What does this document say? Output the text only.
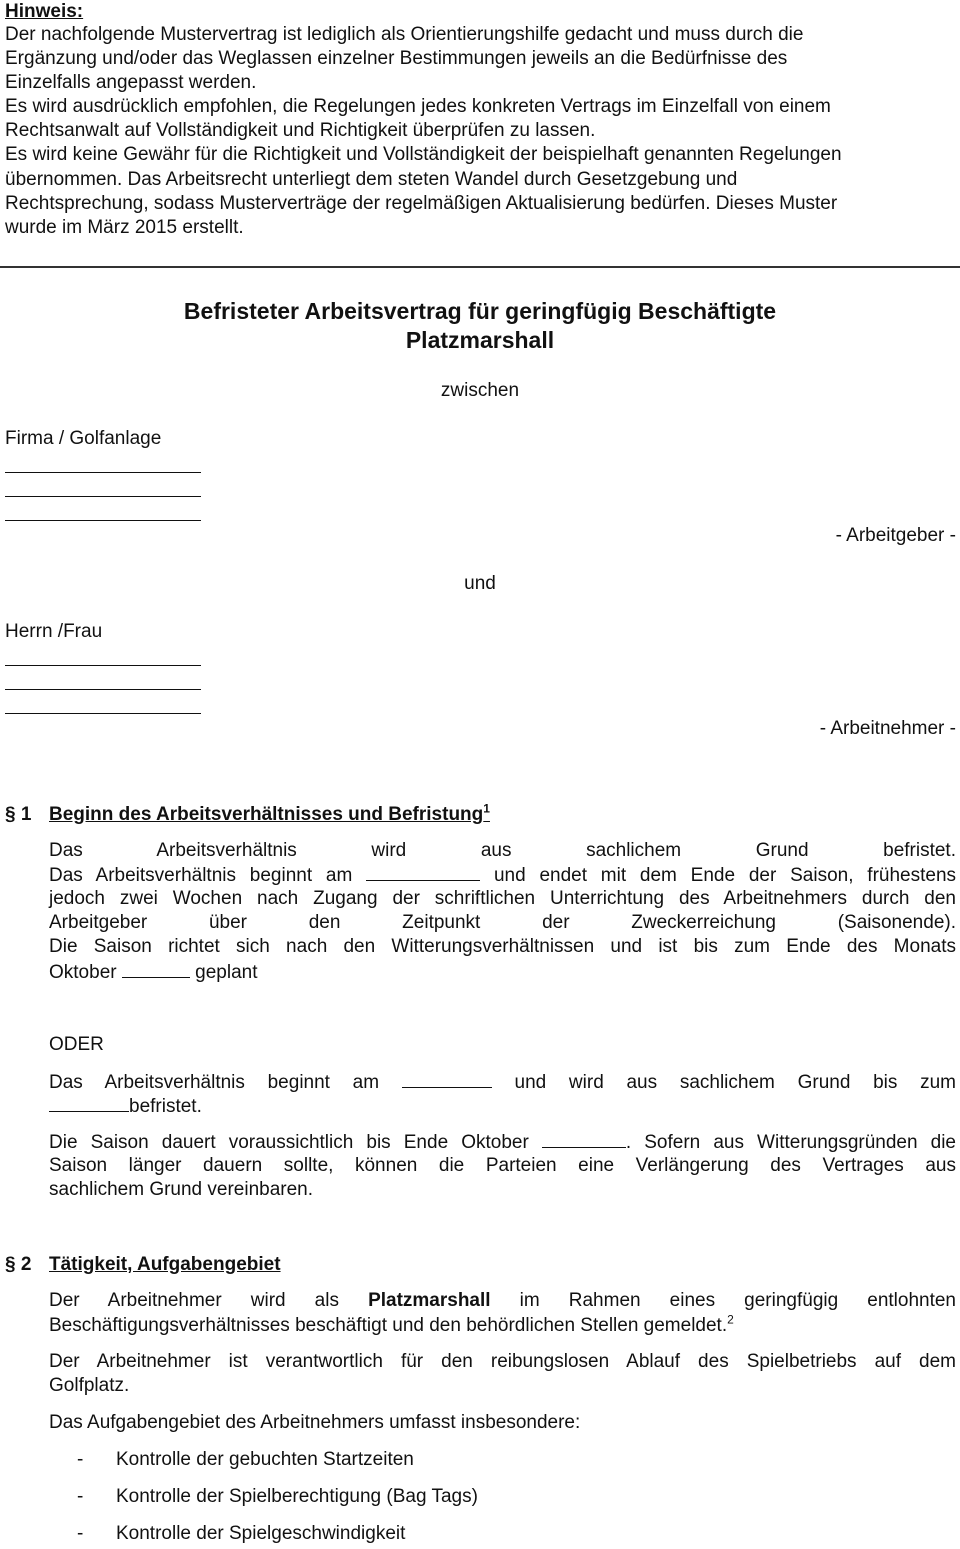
Hinweis:
Der nachfolgende Mustervertrag ist lediglich als Orientierungshilfe gedacht und muss durch die
Ergänzung und/oder das Weglassen einzelner Bestimmungen jeweils an die Bedürfnisse des
Einzelfalls angepasst werden.
Es wird ausdrücklich empfohlen, die Regelungen jedes konkreten Vertrags im Einzelfall von einem
Rechtsanwalt auf Vollständigkeit und Richtigkeit überprüfen zu lassen.
Es wird keine Gewähr für die Richtigkeit und Vollständigkeit der beispielhaft genannten Regelungen
übernommen. Das Arbeitsrecht unterliegt dem steten Wandel durch Gesetzgebung und
Rechtsprechung, sodass Musterverträge der regelmäßigen Aktualisierung bedürfen. Dieses Muster
wurde im März 2015 erstellt.
Befristeter Arbeitsvertrag für geringfügig Beschäftigte
Platzmarshall
zwischen
Firma / Golfanlage
- Arbeitgeber -
und
Herrn /Frau
- Arbeitnehmer -
§ 1 Beginn des Arbeitsverhältnisses und Befristung$^1$
Das Arbeitsverhältnis wird aus sachlichem Grund befristet.
Das Arbeitsverhältnis beginnt am	und endet mit dem Ende der Saison, frühestens
jedoch zwei Wochen nach Zugang der schriftlichen Unterrichtung des Arbeitnehmers durch den
Arbeitgeber über den Zeitpunkt der Zweckerreichung (Saisonende).
Die Saison richtet sich nach den Witterungsverhältnissen und ist bis zum Ende des Monats
Oktober	geplant
ODER
Das Arbeitsverhältnis beginnt am	und wird aus sachlichem Grund bis zum
befristet.
Die Saison dauert voraussichtlich bis Ende Oktober	. Sofern aus Witterungsgründen die
Saison länger dauern sollte, können die Parteien eine Verlängerung des Vertrages aus
sachlichem Grund vereinbaren.
§ 2 Tätigkeit, Aufgabengebiet
Der Arbeitnehmer wird als Platzmarshall im Rahmen eines geringfügig entlohnten
Beschäftigungsverhältnisses beschäftigt und den behördlichen Stellen gemeldet.$^2$
Der Arbeitnehmer ist verantwortlich für den reibungslosen Ablauf des Spielbetriebs auf dem
Golfplatz.
Das Aufgabengebiet des Arbeitnehmers umfasst insbesondere:
- Kontrolle der gebuchten Startzeiten
- Kontrolle der Spielberechtigung (Bag Tags)
- Kontrolle der Spielgeschwindigkeit
